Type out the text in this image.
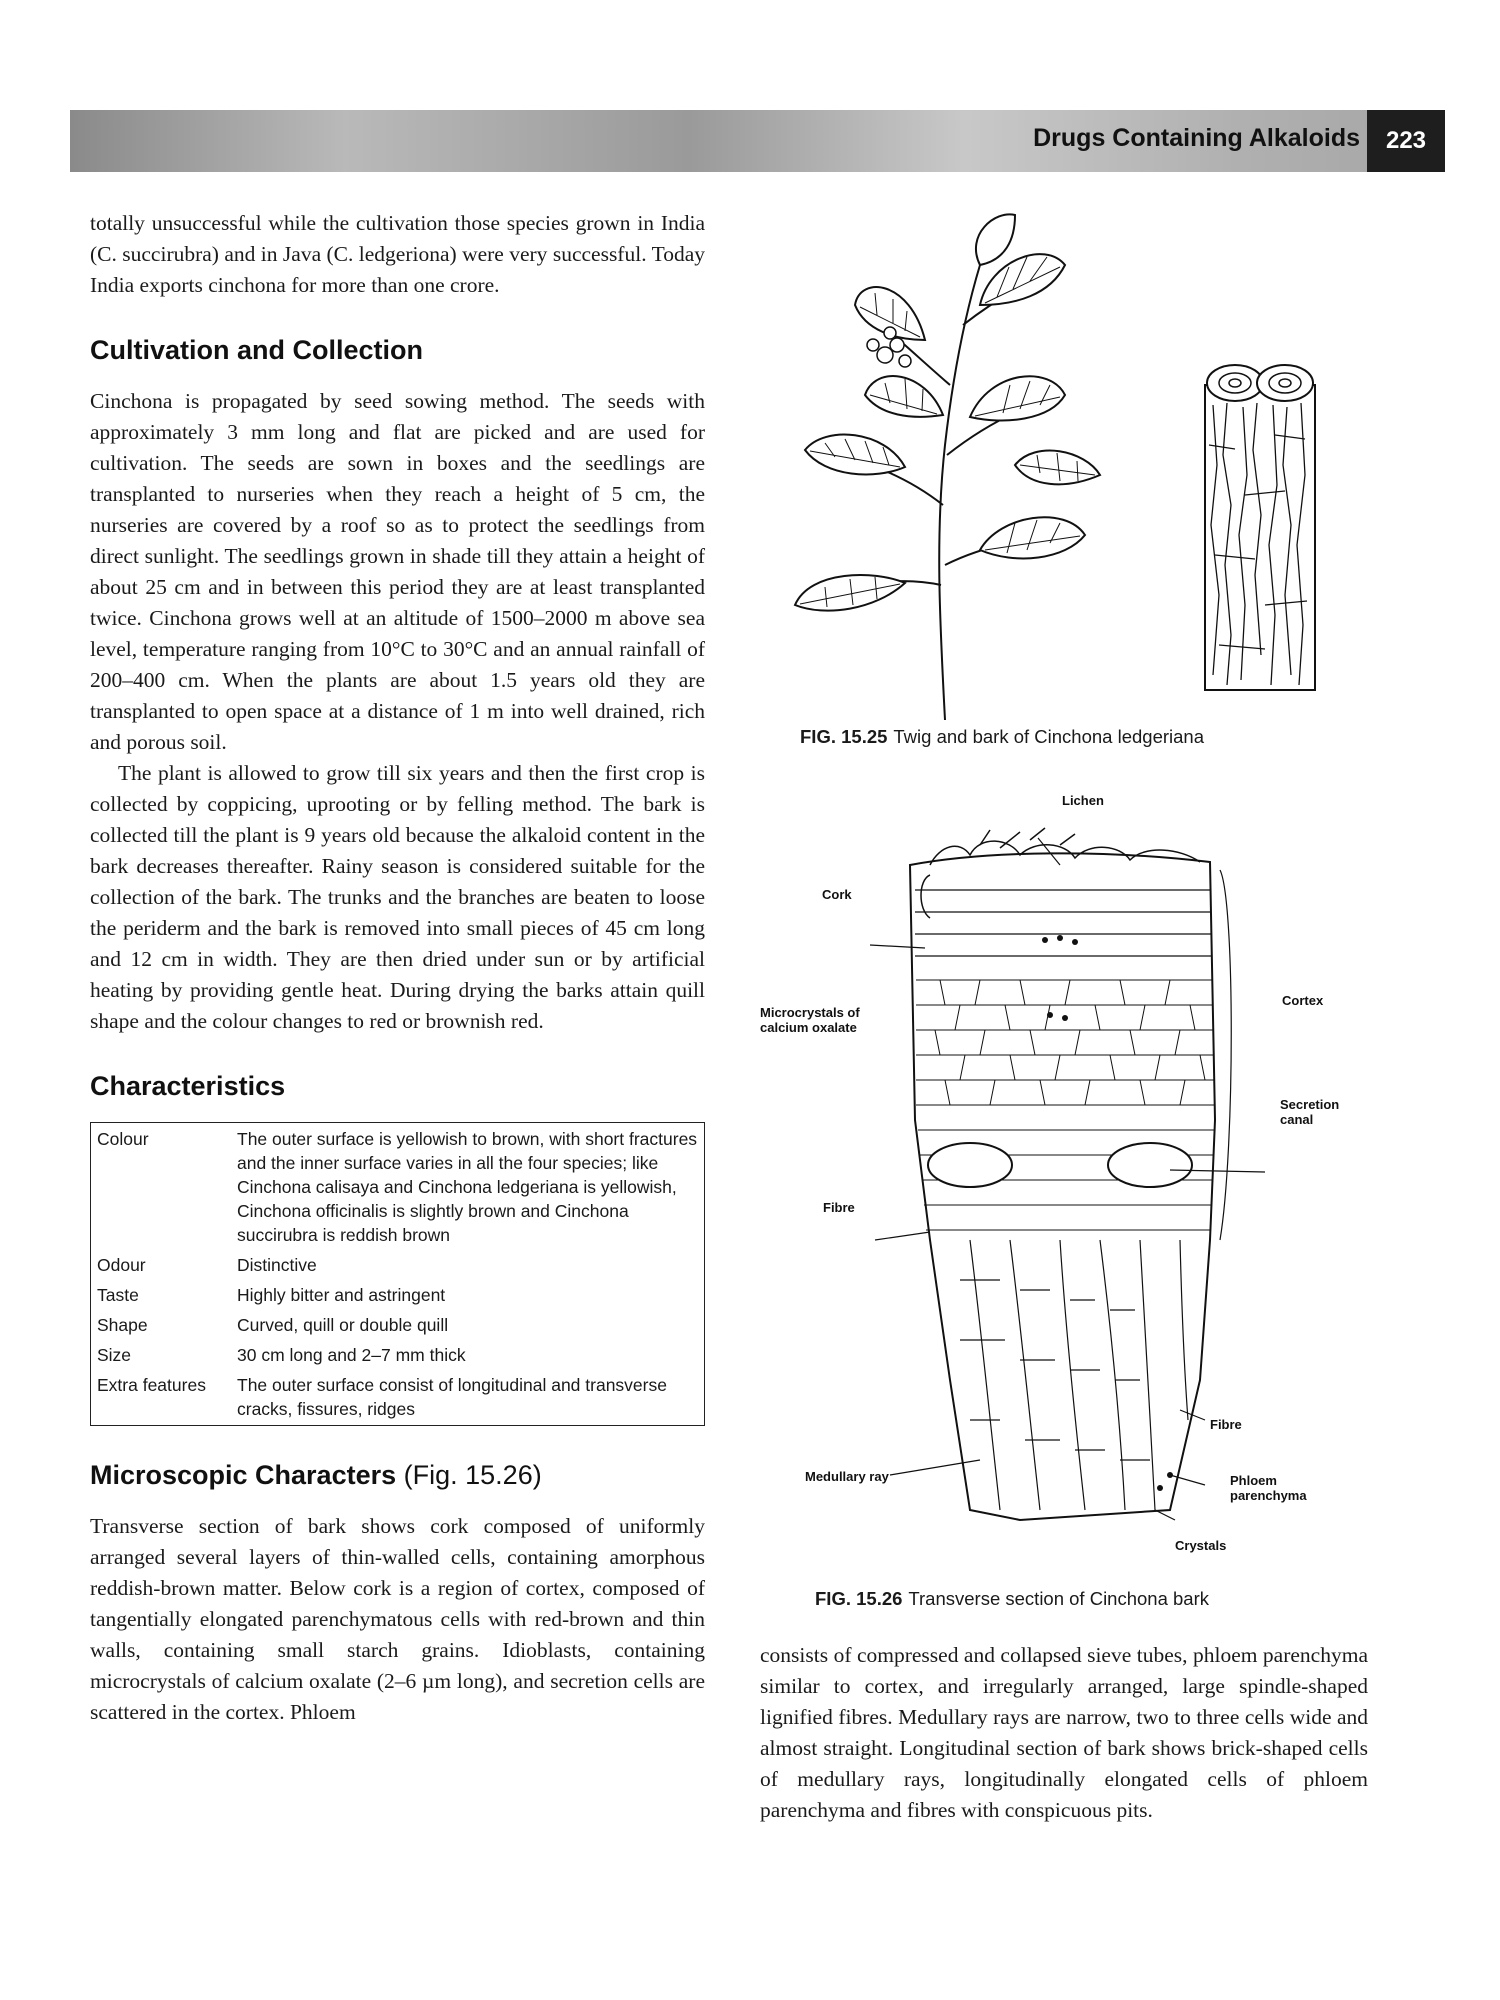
Drugs Containing Alkaloids	223

totally unsuccessful while the cultivation those species grown in India (C. succirubra) and in Java (C. ledgeriona) were very successful. Today India exports cinchona for more than one crore.

Cultivation and Collection

Cinchona is propagated by seed sowing method. The seeds with approximately 3 mm long and flat are picked and are used for cultivation. The seeds are sown in boxes and the seedlings are transplanted to nurseries when they reach a height of 5 cm, the nurseries are covered by a roof so as to protect the seedlings from direct sunlight. The seedlings grown in shade till they attain a height of about 25 cm and in between this period they are at least transplanted twice. Cinchona grows well at an altitude of 1500–2000 m above sea level, temperature ranging from 10°C to 30°C and an annual rainfall of 200–400 cm. When the plants are about 1.5 years old they are transplanted to open space at a distance of 1 m into well drained, rich and porous soil.

The plant is allowed to grow till six years and then the first crop is collected by coppicing, uprooting or by felling method. The bark is collected till the plant is 9 years old because the alkaloid content in the bark decreases thereafter. Rainy season is considered suitable for the collection of the bark. The trunks and the branches are beaten to loose the periderm and the bark is removed into small pieces of 45 cm long and 12 cm in width. They are then dried under sun or by artificial heating by providing gentle heat. During drying the barks attain quill shape and the colour changes to red or brownish red.

Characteristics
Colour	The outer surface is yellowish to brown, with short fractures and the inner surface varies in all the four species; like Cinchona calisaya and Cinchona ledgeriana is yellowish, Cinchona officinalis is slightly brown and Cinchona succirubra is reddish brown
Odour	Distinctive
Taste	Highly bitter and astringent
Shape	Curved, quill or double quill
Size	30 cm long and 2–7 mm thick
Extra features	The outer surface consist of longitudinal and transverse cracks, fissures, ridges
Microscopic Characters (Fig. 15.26)

Transverse section of bark shows cork composed of uniformly arranged several layers of thin-walled cells, containing amorphous reddish-brown matter. Below cork is a region of cortex, composed of tangentially elongated parenchymatous cells with red-brown and thin walls, containing small starch grains. Idioblasts, containing microcrystals of calcium oxalate (2–6 µm long), and secretion cells are scattered in the cortex. Phloem

consists of compressed and collapsed sieve tubes, phloem parenchyma similar to cortex, and irregularly arranged, large spindle-shaped lignified fibres. Medullary rays are narrow, two to three cells wide and almost straight. Longitudinal section of bark shows brick-shaped cells of medullary rays, longitudinally elongated cells of phloem parenchyma and fibres with conspicuous pits.

FIG. 15.25 Twig and bark of Cinchona ledgeriana
Lichen
Cork
Microcrystals of calcium oxalate
Cortex
Secretion canal
Fibre
Fibre
Medullary ray	Phloem parenchyma
Crystals
FIG. 15.26 Transverse section of Cinchona bark
